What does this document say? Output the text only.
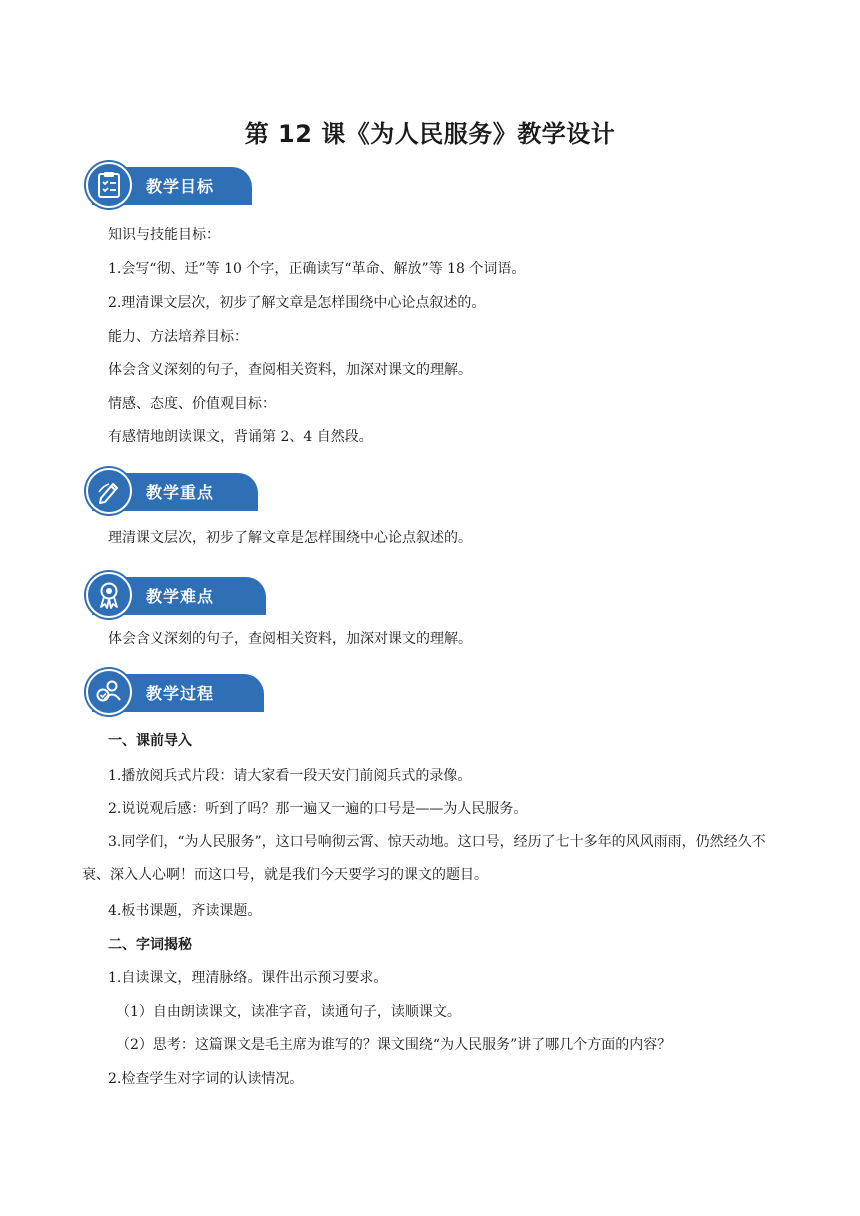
第 12 课《为人民服务》教学设计
教学目标
知识与技能目标：
1.会写“彻、迁”等 10 个字，正确读写“革命、解放”等 18 个词语。
2.理清课文层次，初步了解文章是怎样围绕中心论点叙述的。
能力、方法培养目标：
体会含义深刻的句子，查阅相关资料，加深对课文的理解。
情感、态度、价值观目标：
有感情地朗读课文，背诵第 2、4 自然段。
教学重点
理清课文层次，初步了解文章是怎样围绕中心论点叙述的。
教学难点
体会含义深刻的句子，查阅相关资料，加深对课文的理解。
教学过程
一、课前导入
1.播放阅兵式片段：请大家看一段天安门前阅兵式的录像。
2.说说观后感：听到了吗？那一遍又一遍的口号是——为人民服务。
3.同学们，“为人民服务”，这口号响彻云霄、惊天动地。这口号，经历了七十多年的风风雨雨，仍然经久不衰、深入人心啊！而这口号，就是我们今天要学习的课文的题目。
4.板书课题，齐读课题。
二、字词揭秘
1.自读课文，理清脉络。课件出示预习要求。
（1）自由朗读课文，读准字音，读通句子，读顺课文。
（2）思考：这篇课文是毛主席为谁写的？课文围绕“为人民服务”讲了哪几个方面的内容？
2.检查学生对字词的认读情况。
